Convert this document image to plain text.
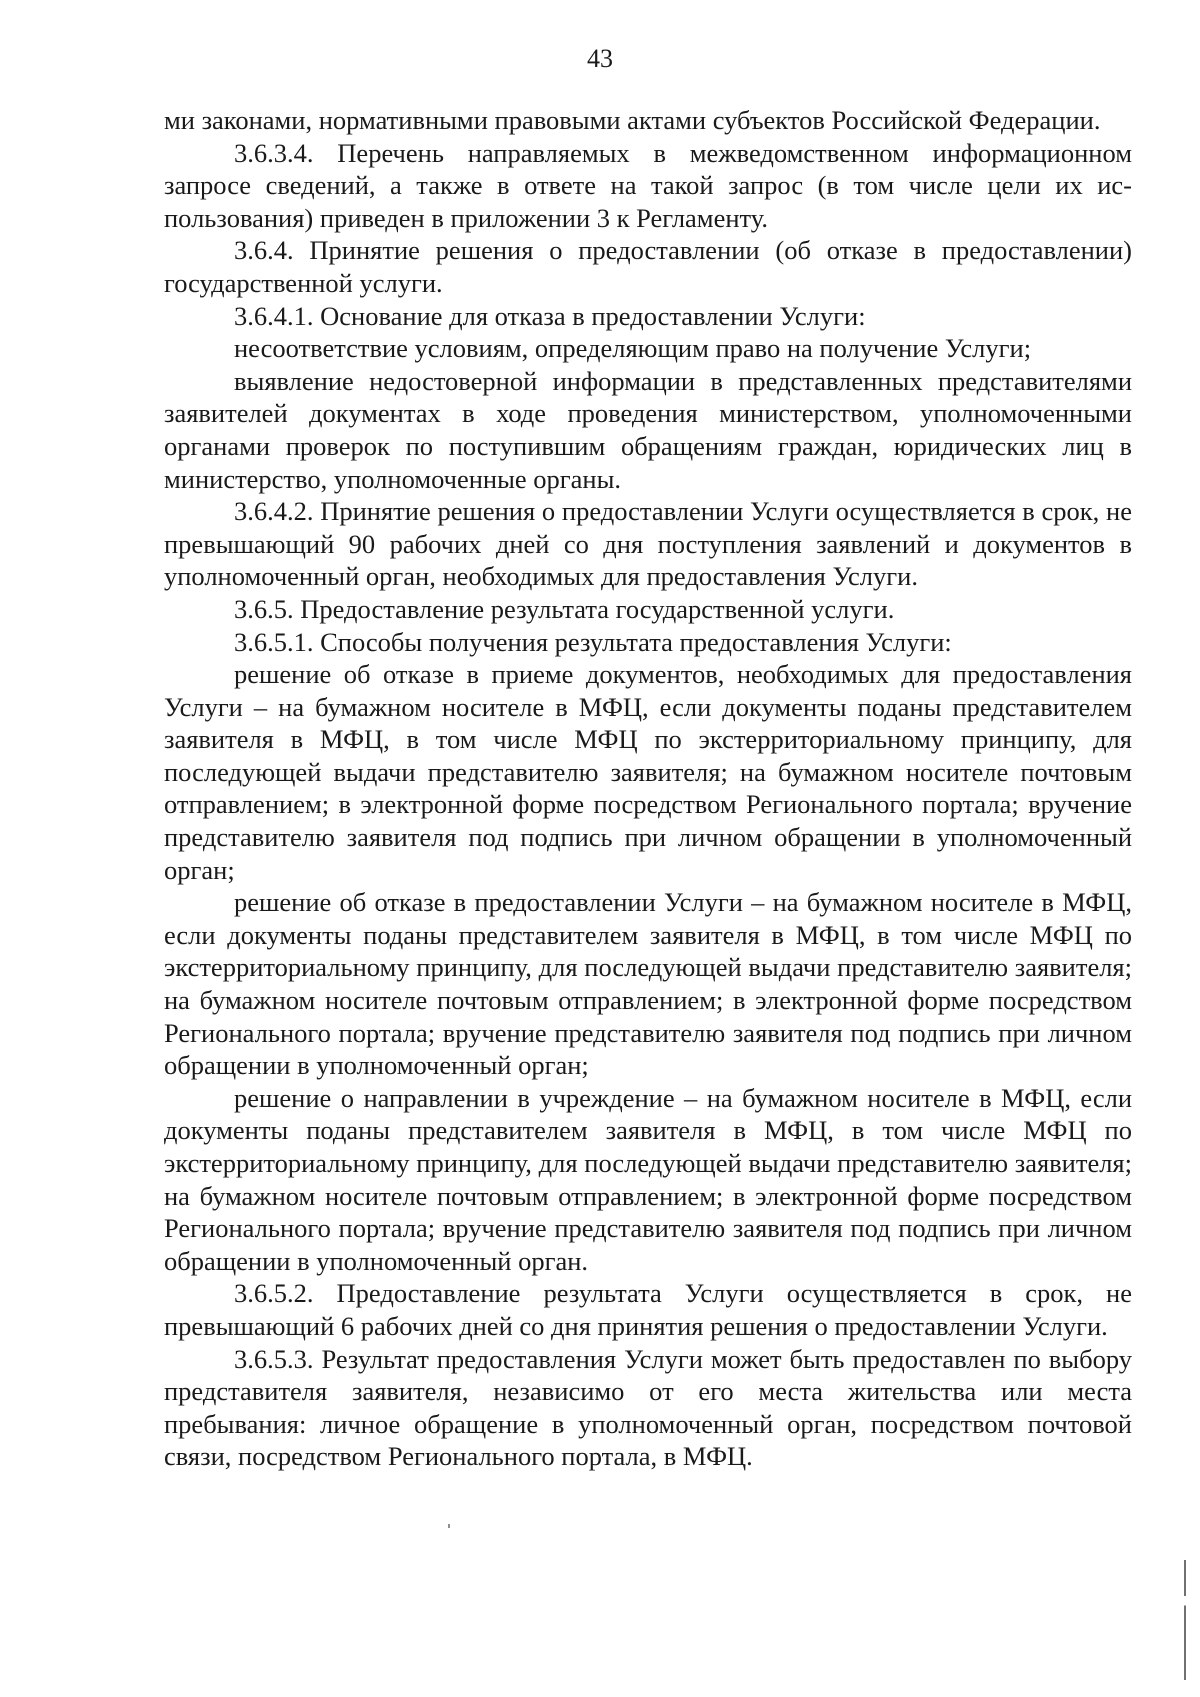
43

ми законами, нормативными правовыми актами субъектов Российской Федерации.

3.6.3.4. Перечень направляемых в межведомственном информационном запросе сведений, а также в ответе на такой запрос (в том числе цели их использования) приведен в приложении 3 к Регламенту.

3.6.4. Принятие решения о предоставлении (об отказе в предоставлении) государственной услуги.

3.6.4.1. Основание для отказа в предоставлении Услуги:

несоответствие условиям, определяющим право на получение Услуги;

выявление недостоверной информации в представленных представителями заявителей документах в ходе проведения министерством, уполномоченными органами проверок по поступившим обращениям граждан, юридических лиц в министерство, уполномоченные органы.

3.6.4.2. Принятие решения о предоставлении Услуги осуществляется в срок, не превышающий 90 рабочих дней со дня поступления заявлений и документов в уполномоченный орган, необходимых для предоставления Услуги.

3.6.5. Предоставление результата государственной услуги.

3.6.5.1. Способы получения результата предоставления Услуги:

решение об отказе в приеме документов, необходимых для предоставления Услуги – на бумажном носителе в МФЦ, если документы поданы представителем заявителя в МФЦ, в том числе МФЦ по экстерриториальному принципу, для последующей выдачи представителю заявителя; на бумажном носителе почтовым отправлением; в электронной форме посредством Регионального портала; вручение представителю заявителя под подпись при личном обращении в уполномоченный орган;

решение об отказе в предоставлении Услуги – на бумажном носителе в МФЦ, если документы поданы представителем заявителя в МФЦ, в том числе МФЦ по экстерриториальному принципу, для последующей выдачи представителю заявителя; на бумажном носителе почтовым отправлением; в электронной форме посредством Регионального портала; вручение представителю заявителя под подпись при личном обращении в уполномоченный орган;

решение о направлении в учреждение – на бумажном носителе в МФЦ, если документы поданы представителем заявителя в МФЦ, в том числе МФЦ по экстерриториальному принципу, для последующей выдачи представителю заявителя; на бумажном носителе почтовым отправлением; в электронной форме посредством Регионального портала; вручение представителю заявителя под подпись при личном обращении в уполномоченный орган.

3.6.5.2. Предоставление результата Услуги осуществляется в срок, не превышающий 6 рабочих дней со дня принятия решения о предоставлении Услуги.

3.6.5.3. Результат предоставления Услуги может быть предоставлен по выбору представителя заявителя, независимо от его места жительства или места пребывания: личное обращение в уполномоченный орган, посредством почтовой связи, посредством Регионального портала, в МФЦ.
